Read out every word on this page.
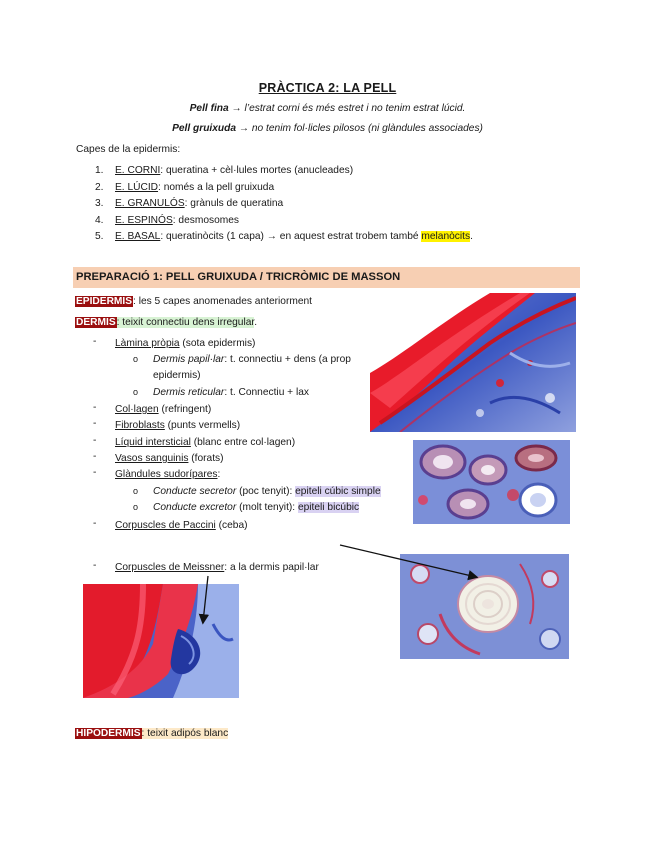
PRÀCTICA 2: LA PELL
Pell fina → l’estrat corni és més estret i no tenim estrat lúcid.
Pell gruixuda → no tenim fol·licles pilosos (ni glàndules associades)
Capes de la epidermis:
1. E. CORNI: queratina + cèl·lules mortes (anucleades)
2. E. LÚCID: només a la pell gruixuda
3. E. GRANULÓS: grànuls de queratina
4. E. ESPINÓS: desmosomes
5. E. BASAL: queratinòcits (1 capa) → en aquest estrat trobem també melanòcits.
PREPARACIÓ 1: PELL GRUIXUDA / TRICRÒMIC DE MASSON
EPIDERMIS: les 5 capes anomenades anteriorment
DERMIS: teixit connectiu dens irregular.
- Làmina pròpia (sota epidermis)
o Dermis papil·lar: t. connectiu + dens (a prop
epidermis)
o Dermis reticular: t. Connectiu + lax
- Col·lagen (refringent)
- Fibroblasts (punts vermells)
- Líquid intersticial (blanc entre col·lagen)
- Vasos sanguinis (forats)
- Glàndules sudorípares:
o Conducte secretor (poc tenyit): epiteli cúbic simple
o Conducte excretor (molt tenyit): epiteli bicúbic
- Corpuscles de Paccini (ceba)
- Corpuscles de Meissner: a la dermis papil·lar
HIPODERMIS: teixit adipós blanc
